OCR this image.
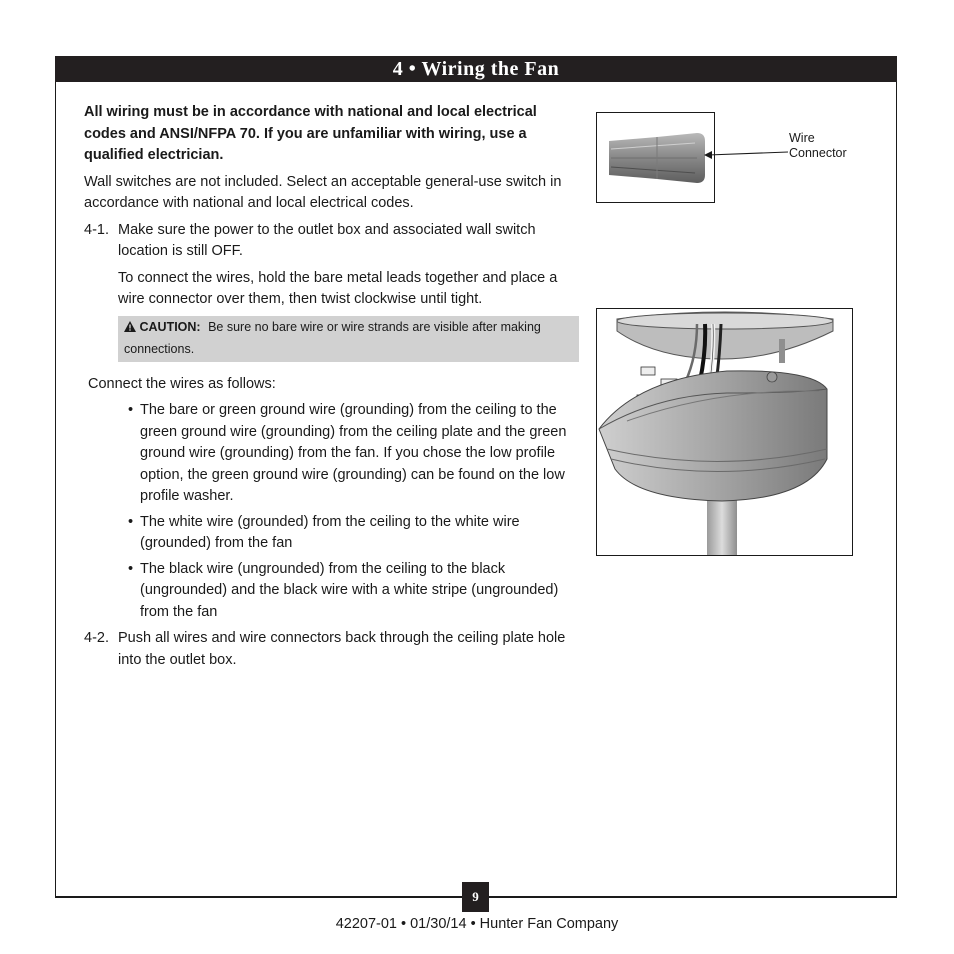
4 • Wiring the Fan

All wiring must be in accordance with national and local electrical codes and ANSI/NFPA 70. If you are unfamiliar with wiring, use a qualified electrician.

Wall switches are not included. Select an acceptable general-use switch in accordance with national and local electrical codes.

4-1. Make sure the power to the outlet box and associated wall switch location is still OFF.

To connect the wires, hold the bare metal leads together and place a wire connector over them, then twist clockwise until tight.

CAUTION: Be sure no bare wire or wire strands are visible after making connections.

Connect the wires as follows:

• The bare or green ground wire (grounding) from the ceiling to the green ground wire (grounding) from the ceiling plate and the green ground wire (grounding) from the fan. If you chose the low profile option, the green ground wire (grounding) can be found on the low profile washer.
• The white wire (grounded) from the ceiling to the white wire (grounded) from the fan
• The black wire (ungrounded) from the ceiling to the black (ungrounded) and the black wire with a white stripe (ungrounded) from the fan
4-2. Push all wires and wire connectors back through the ceiling plate hole into the outlet box.
Wire
Connector
9
42207-01 • 01/30/14 • Hunter Fan Company
